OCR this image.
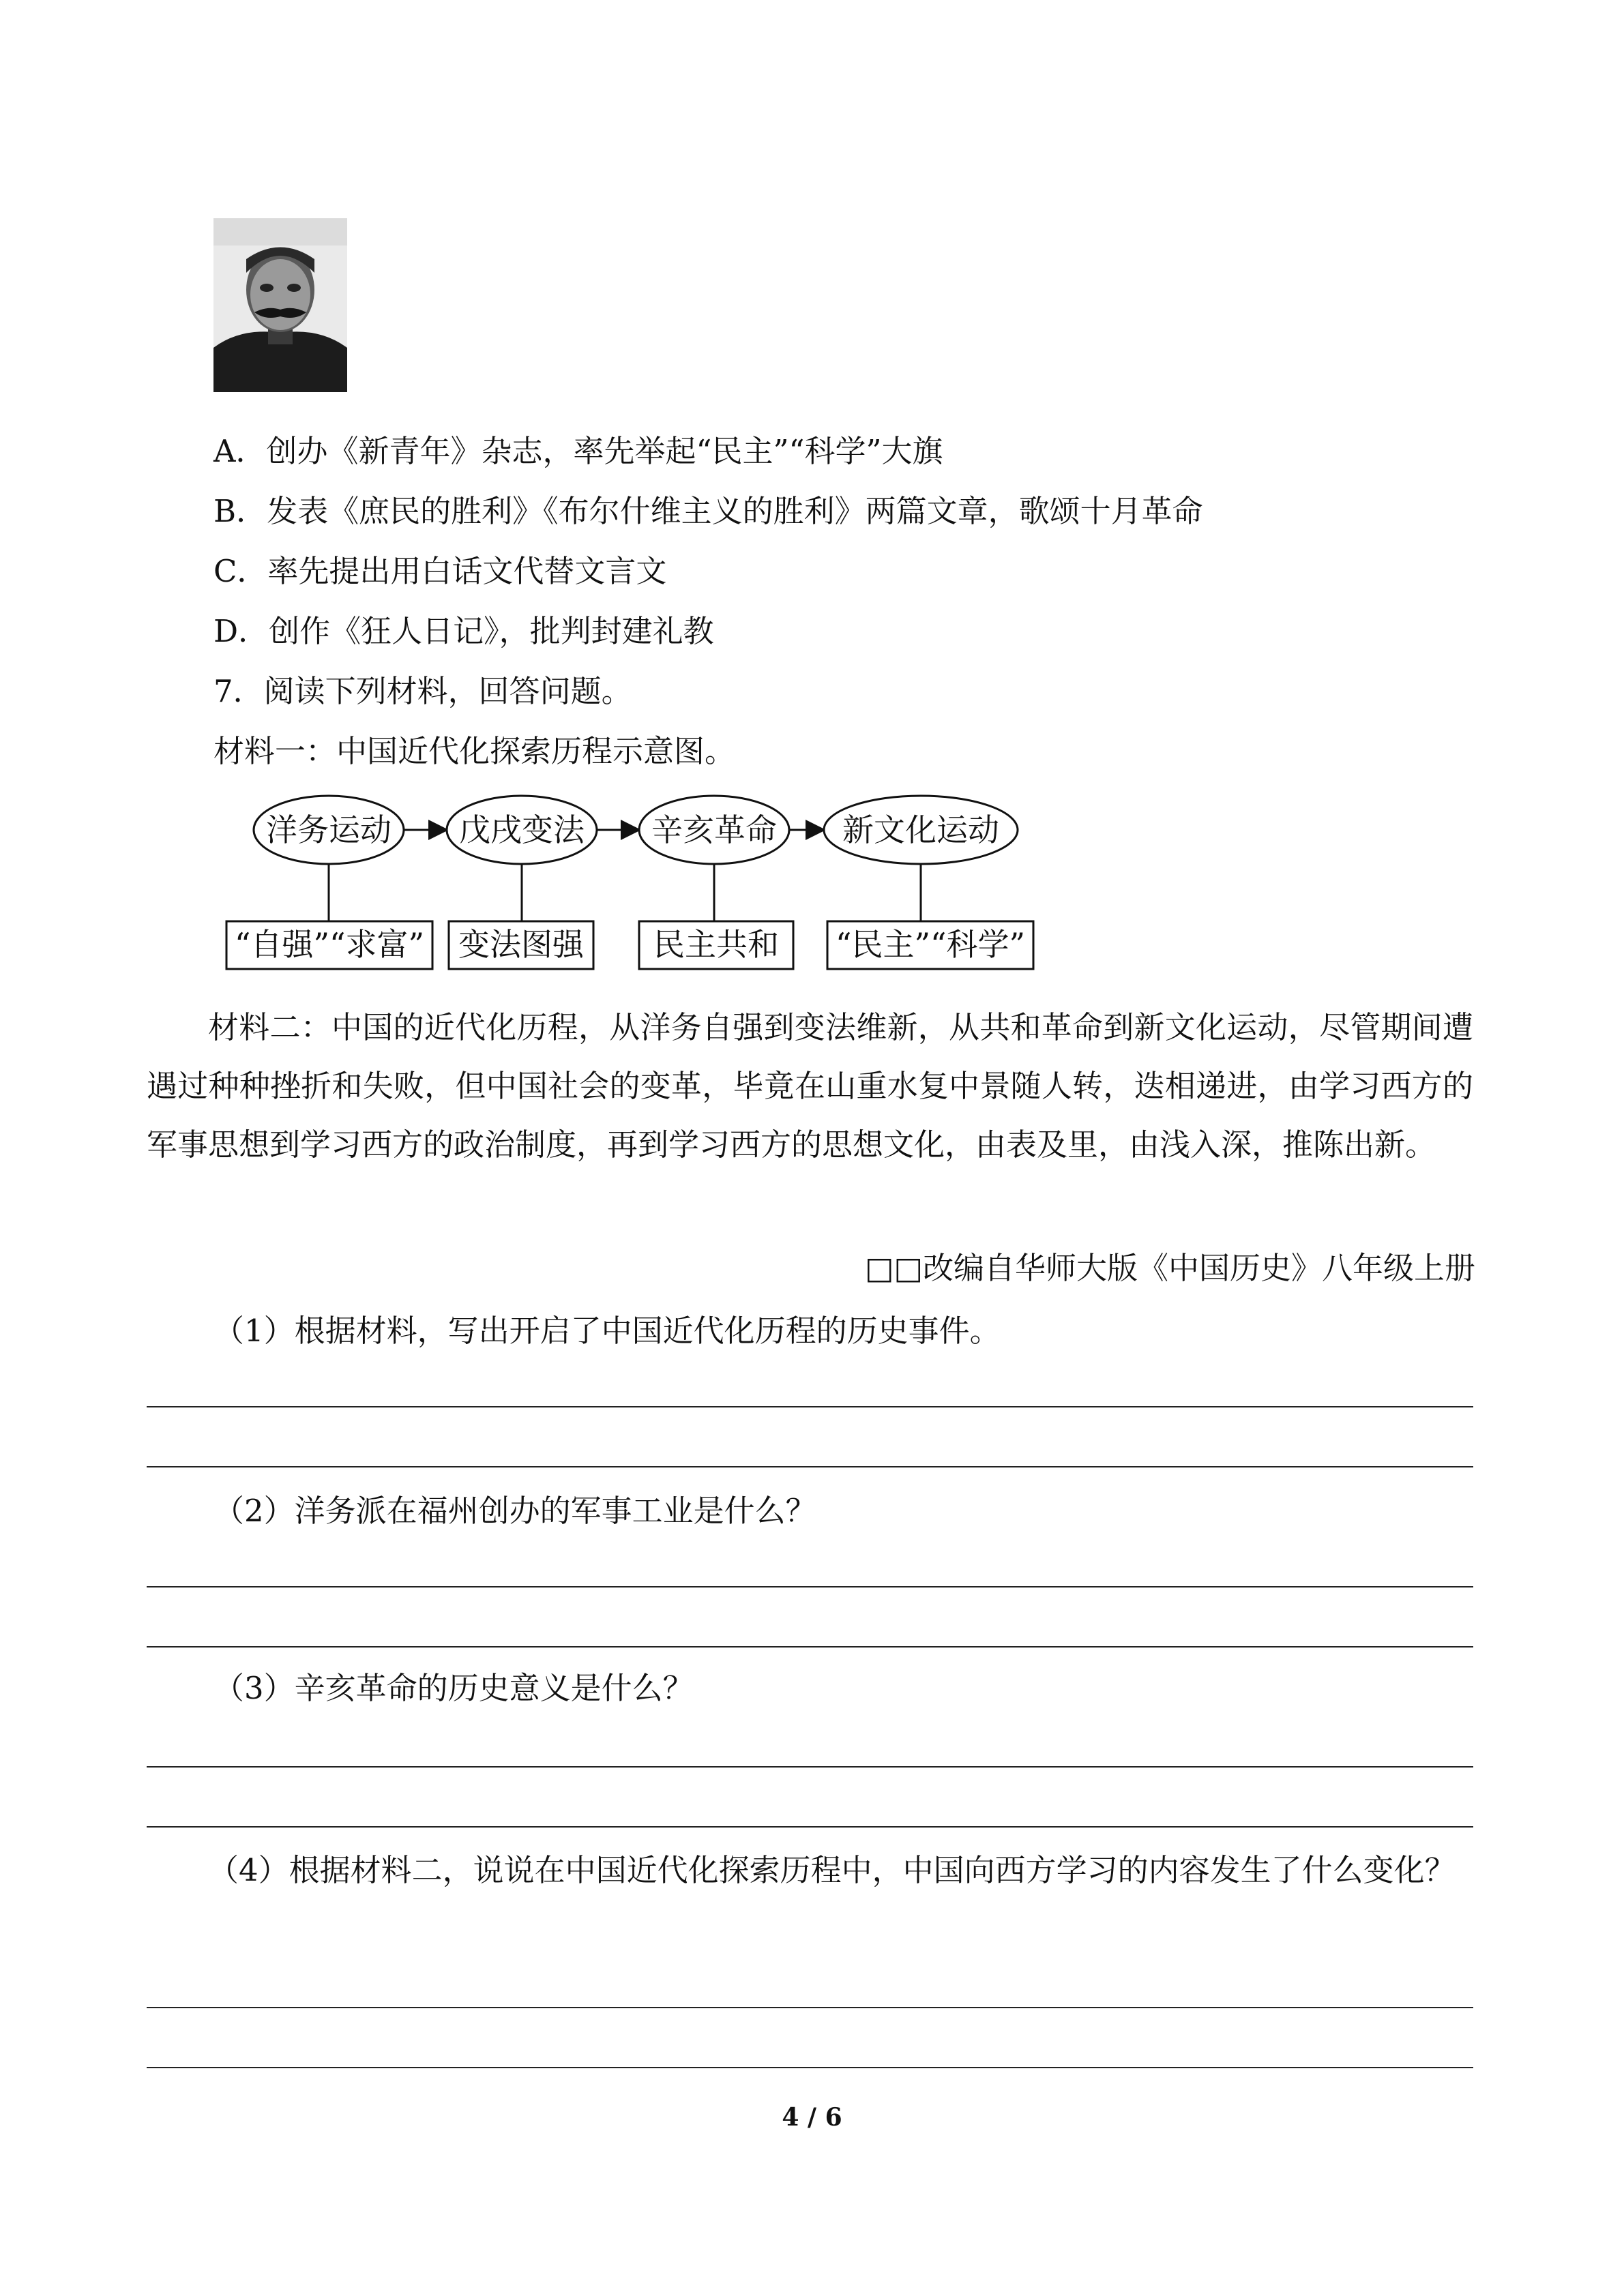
A．创办《新青年》杂志，率先举起“民主”“科学”大旗
B．发表《庶民的胜利》《布尔什维主义的胜利》两篇文章，歌颂十月革命
C．率先提出用白话文代替文言文
D．创作《狂人日记》，批判封建礼教
7．阅读下列材料，回答问题。
材料一：中国近代化探索历程示意图。
洋务运动
“自强”“求富”
戊戌变法
变法图强
辛亥革命
民主共和
新文化运动
“民主”“科学”
材料二：中国的近代化历程，从洋务自强到变法维新，从共和革命到新文化运动，尽管期间遭遇过种种挫折和失败，但中国社会的变革，毕竟在山重水复中景随人转，迭相递进，由学习西方的军事思想到学习西方的政治制度，再到学习西方的思想文化，由表及里，由浅入深，推陈出新。
□□改编自华师大版《中国历史》八年级上册
（1）根据材料，写出开启了中国近代化历程的历史事件。
（2）洋务派在福州创办的军事工业是什么？
（3）辛亥革命的历史意义是什么？
（4）根据材料二，说说在中国近代化探索历程中，中国向西方学习的内容发生了什么变化？
4 / 6
